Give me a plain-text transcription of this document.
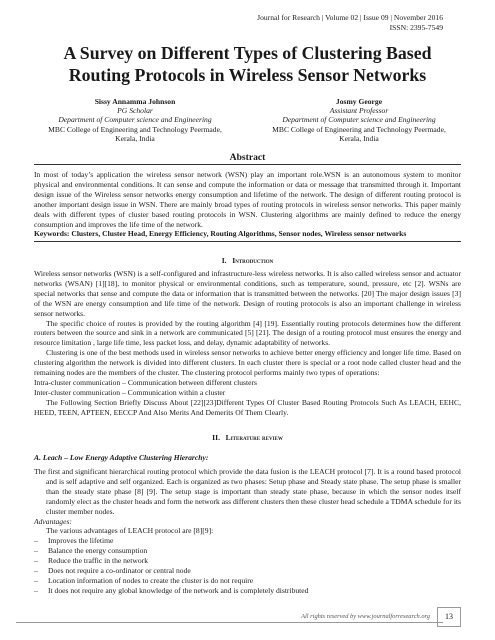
Journal for Research | Volume 02 | Issue 09 | November 2016
ISSN: 2395-7549
A Survey on Different Types of Clustering Based
Routing Protocols in Wireless Sensor Networks
Sissy Annamma Johnson
PG Scholar
Department of Computer science and Engineering
MBC College of Engineering and Technology Peermade,
Kerala, India
Josmy George
Assistant Professor
Department of Computer science and Engineering
MBC College of Engineering and Technology Peermade,
Kerala, India
Abstract
In most of today’s application the wireless sensor network (WSN) play an important role.WSN is an autonomous system to monitor physical and environmental conditions. It can sense and compute the information or data or message that transmitted through it. Important design issue of the Wireless sensor networks energy consumption and lifetime of the network. The design of different routing protocol is another important design issue in WSN. There are mainly broad types of routing protocols in wireless sensor networks. This paper mainly deals with different types of cluster based routing protocols in WSN. Clustering algorithms are mainly defined to reduce the energy consumption and improves the life time of the network.
Keywords: Clusters, Cluster Head, Energy Efficiency, Routing Algorithms, Sensor nodes, Wireless sensor networks
I. Introduction

Wireless sensor networks (WSN) is a self-configured and infrastructure-less wireless networks. It is also called wireless sensor and actuator networks (WSAN) [1][18], to monitor physical or environmental conditions, such as temperature, sound, pressure, etc [2]. WSNs are special networks that sense and compute the data or information that is transmitted between the networks. [20] The major design issues [3] of the WSN are energy consumption and life time of the network. Design of routing protocols is also an important challenge in wireless sensor networks.

The specific choice of routes is provided by the routing algorithm [4] [19]. Essentially routing protocols determines how the different routers between the source and sink in a network are communicated [5] [21]. The design of a routing protocol must ensures the energy and resource limitation , large life time, less packet loss, and delay, dynamic adaptability of networks.

Clustering is one of the best methods used in wireless sensor networks to achieve better energy efficiency and longer life time. Based on clustering algorithm the network is divided into different clusters. In each cluster there is special or a root node called cluster head and the remaining nodes are the members of the cluster. The clustering protocol performs mainly two types of operations:

Intra-cluster communication – Communication between different clusters

Inter-cluster communication – Communication within a cluster

The Following Section Briefly Discuss About [22][23]Different Types Of Cluster Based Routing Protocols Such As LEACH, EEHC, HEED, TEEN, APTEEN, EECCP And Also Merits And Demerits Of Them Clearly.

II. Literature review
A. Leach – Low Energy Adaptive Clustering Hierarchy:

The first and significant hierarchical routing protocol which provide the data fusion is the LEACH protocol [7]. It is a round based protocol and is self adaptive and self organized. Each is organized as two phases: Setup phase and Steady state phase. The setup phase is smaller than the steady state phase [8] [9]. The setup stage is important than steady state phase, because in which the sensor nodes itself randomly elect as the cluster heads and form the network ass different clusters then these cluster head schedule a TDMA schedule for its cluster member nodes.

Advantages:

The various advantages of LEACH protocol are [8][9]:

–	Improves the lifetime
–	Balance the energy consumption
–	Reduce the traffic in the network
–	Does not require a co-ordinator or central node
–	Location information of nodes to create the cluster is do not require
–	It does not require any global knowledge of the network and is completely distributed
All rights reserved by www.journalforresearch.org	13
